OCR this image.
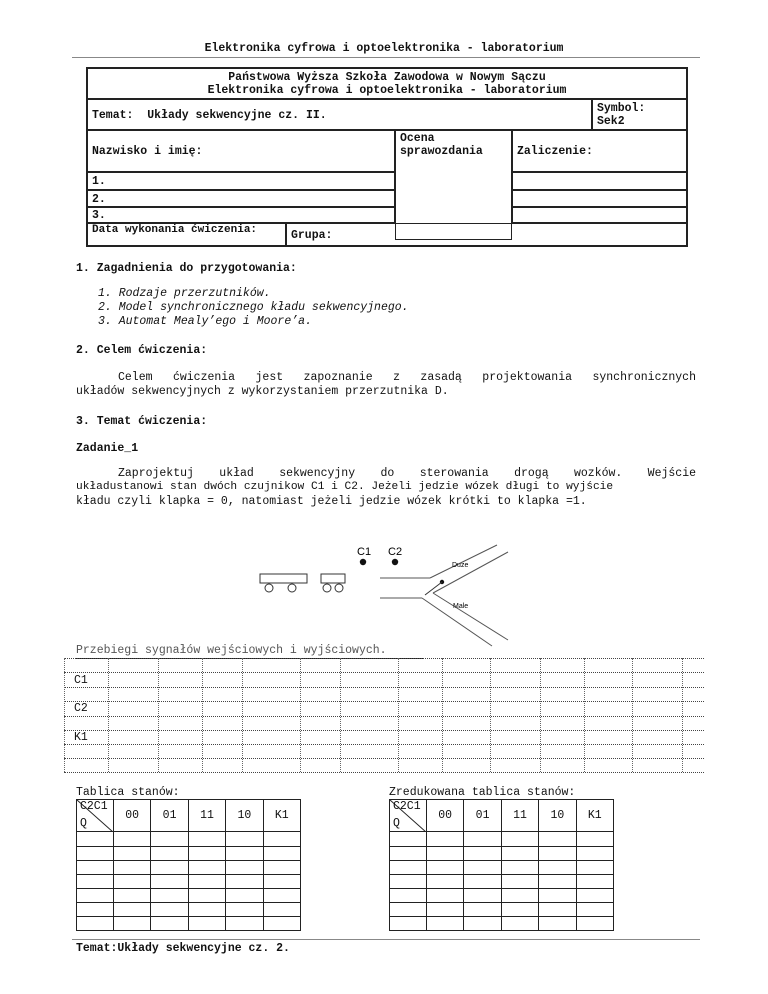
Elektronika cyfrowa i optoelektronika - laboratorium
Państwowa Wyższa Szkoła Zawodowa w Nowym Sączu
Elektronika cyfrowa i optoelektronika - laboratorium
Temat: Układy sekwencyjne cz. II.
Symbol:
Sek2
Nazwisko i imię:
Ocena sprawozdania	Zaliczenie:
1.
2.
3.
Data wykonania ćwiczenia:	Grupa:
1. Zagadnienia do przygotowania:
1. Rodzaje przerzutników.
2. Model synchronicznego kładu sekwencyjnego.
3. Automat Mealy’ego i Moore’a.
2. Celem ćwiczenia:
Celem ćwiczenia jest zapoznanie z zasadą projektowania synchronicznych
układów sekwencyjnych z wykorzystaniem przerzutnika D.
3. Temat ćwiczenia:
Zadanie_1
Zaprojektuj układ sekwencyjny do sterowania drogą wozków. Wejście
układustanowi stan dwóch czujnikow C1 i C2. Jeżeli jedzie wózek długi to wyjście
kładu czyli klapka = 0, natomiast jeżeli jedzie wózek krótki to klapka =1.
C1 C2
Duze
Male
Przebiegi sygnałów wejściowych i wyjściowych.
C1
C2
K1
Tablica stanów:
C2C1
Q	00	01	11	10	K1

Zredukowana tablica stanów:
C2C1
Q	00	01	11	10	K1

Temat:Układy sekwencyjne cz. 2.
